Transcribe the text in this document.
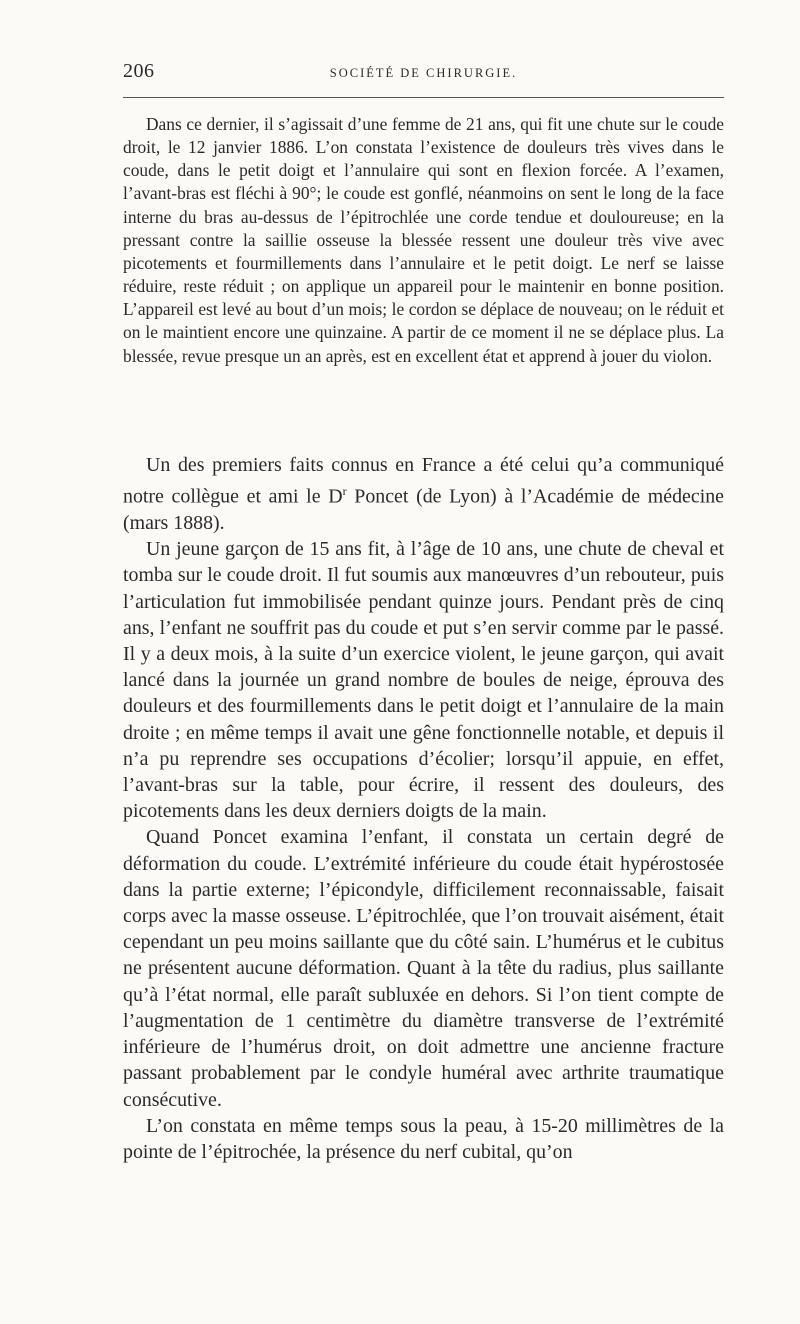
206	SOCIÉTÉ DE CHIRURGIE.

Dans ce dernier, il s’agissait d’une femme de 21 ans, qui fit une chute sur le coude droit, le 12 janvier 1886. L’on constata l’existence de douleurs très vives dans le coude, dans le petit doigt et l’annulaire qui sont en flexion forcée. A l’examen, l’avant-bras est fléchi à 90°; le coude est gonflé, néanmoins on sent le long de la face interne du bras au-dessus de l’épitrochlée une corde tendue et douloureuse; en la pressant contre la saillie osseuse la blessée ressent une douleur très vive avec picotements et fourmillements dans l’annulaire et le petit doigt. Le nerf se laisse réduire, reste réduit ; on applique un appareil pour le maintenir en bonne position. L’appareil est levé au bout d’un mois; le cordon se déplace de nouveau; on le réduit et on le maintient encore une quinzaine. A partir de ce moment il ne se déplace plus. La blessée, revue presque un an après, est en excellent état et apprend à jouer du violon.

Un des premiers faits connus en France a été celui qu’a communiqué notre collègue et ami le $D^r$ Poncet (de Lyon) à l’Académie de médecine (mars 1888).

Un jeune garçon de 15 ans fit, à l’âge de 10 ans, une chute de cheval et tomba sur le coude droit. Il fut soumis aux manœuvres d’un rebouteur, puis l’articulation fut immobilisée pendant quinze jours. Pendant près de cinq ans, l’enfant ne souffrit pas du coude et put s’en servir comme par le passé. Il y a deux mois, à la suite d’un exercice violent, le jeune garçon, qui avait lancé dans la journée un grand nombre de boules de neige, éprouva des douleurs et des fourmillements dans le petit doigt et l’annulaire de la main droite ; en même temps il avait une gêne fonctionnelle notable, et depuis il n’a pu reprendre ses occupations d’écolier; lorsqu’il appuie, en effet, l’avant-bras sur la table, pour écrire, il ressent des douleurs, des picotements dans les deux derniers doigts de la main.

Quand Poncet examina l’enfant, il constata un certain degré de déformation du coude. L’extrémité inférieure du coude était hypérostosée dans la partie externe; l’épicondyle, difficilement reconnaissable, faisait corps avec la masse osseuse. L’épitrochlée, que l’on trouvait aisément, était cependant un peu moins saillante que du côté sain. L’humérus et le cubitus ne présentent aucune déformation. Quant à la tête du radius, plus saillante qu’à l’état normal, elle paraît subluxée en dehors. Si l’on tient compte de l’augmentation de 1 centimètre du diamètre transverse de l’extrémité inférieure de l’humérus droit, on doit admettre une ancienne fracture passant probablement par le condyle huméral avec arthrite traumatique consécutive.

L’on constata en même temps sous la peau, à 15-20 millimètres de la pointe de l’épitrochée, la présence du nerf cubital, qu’on
